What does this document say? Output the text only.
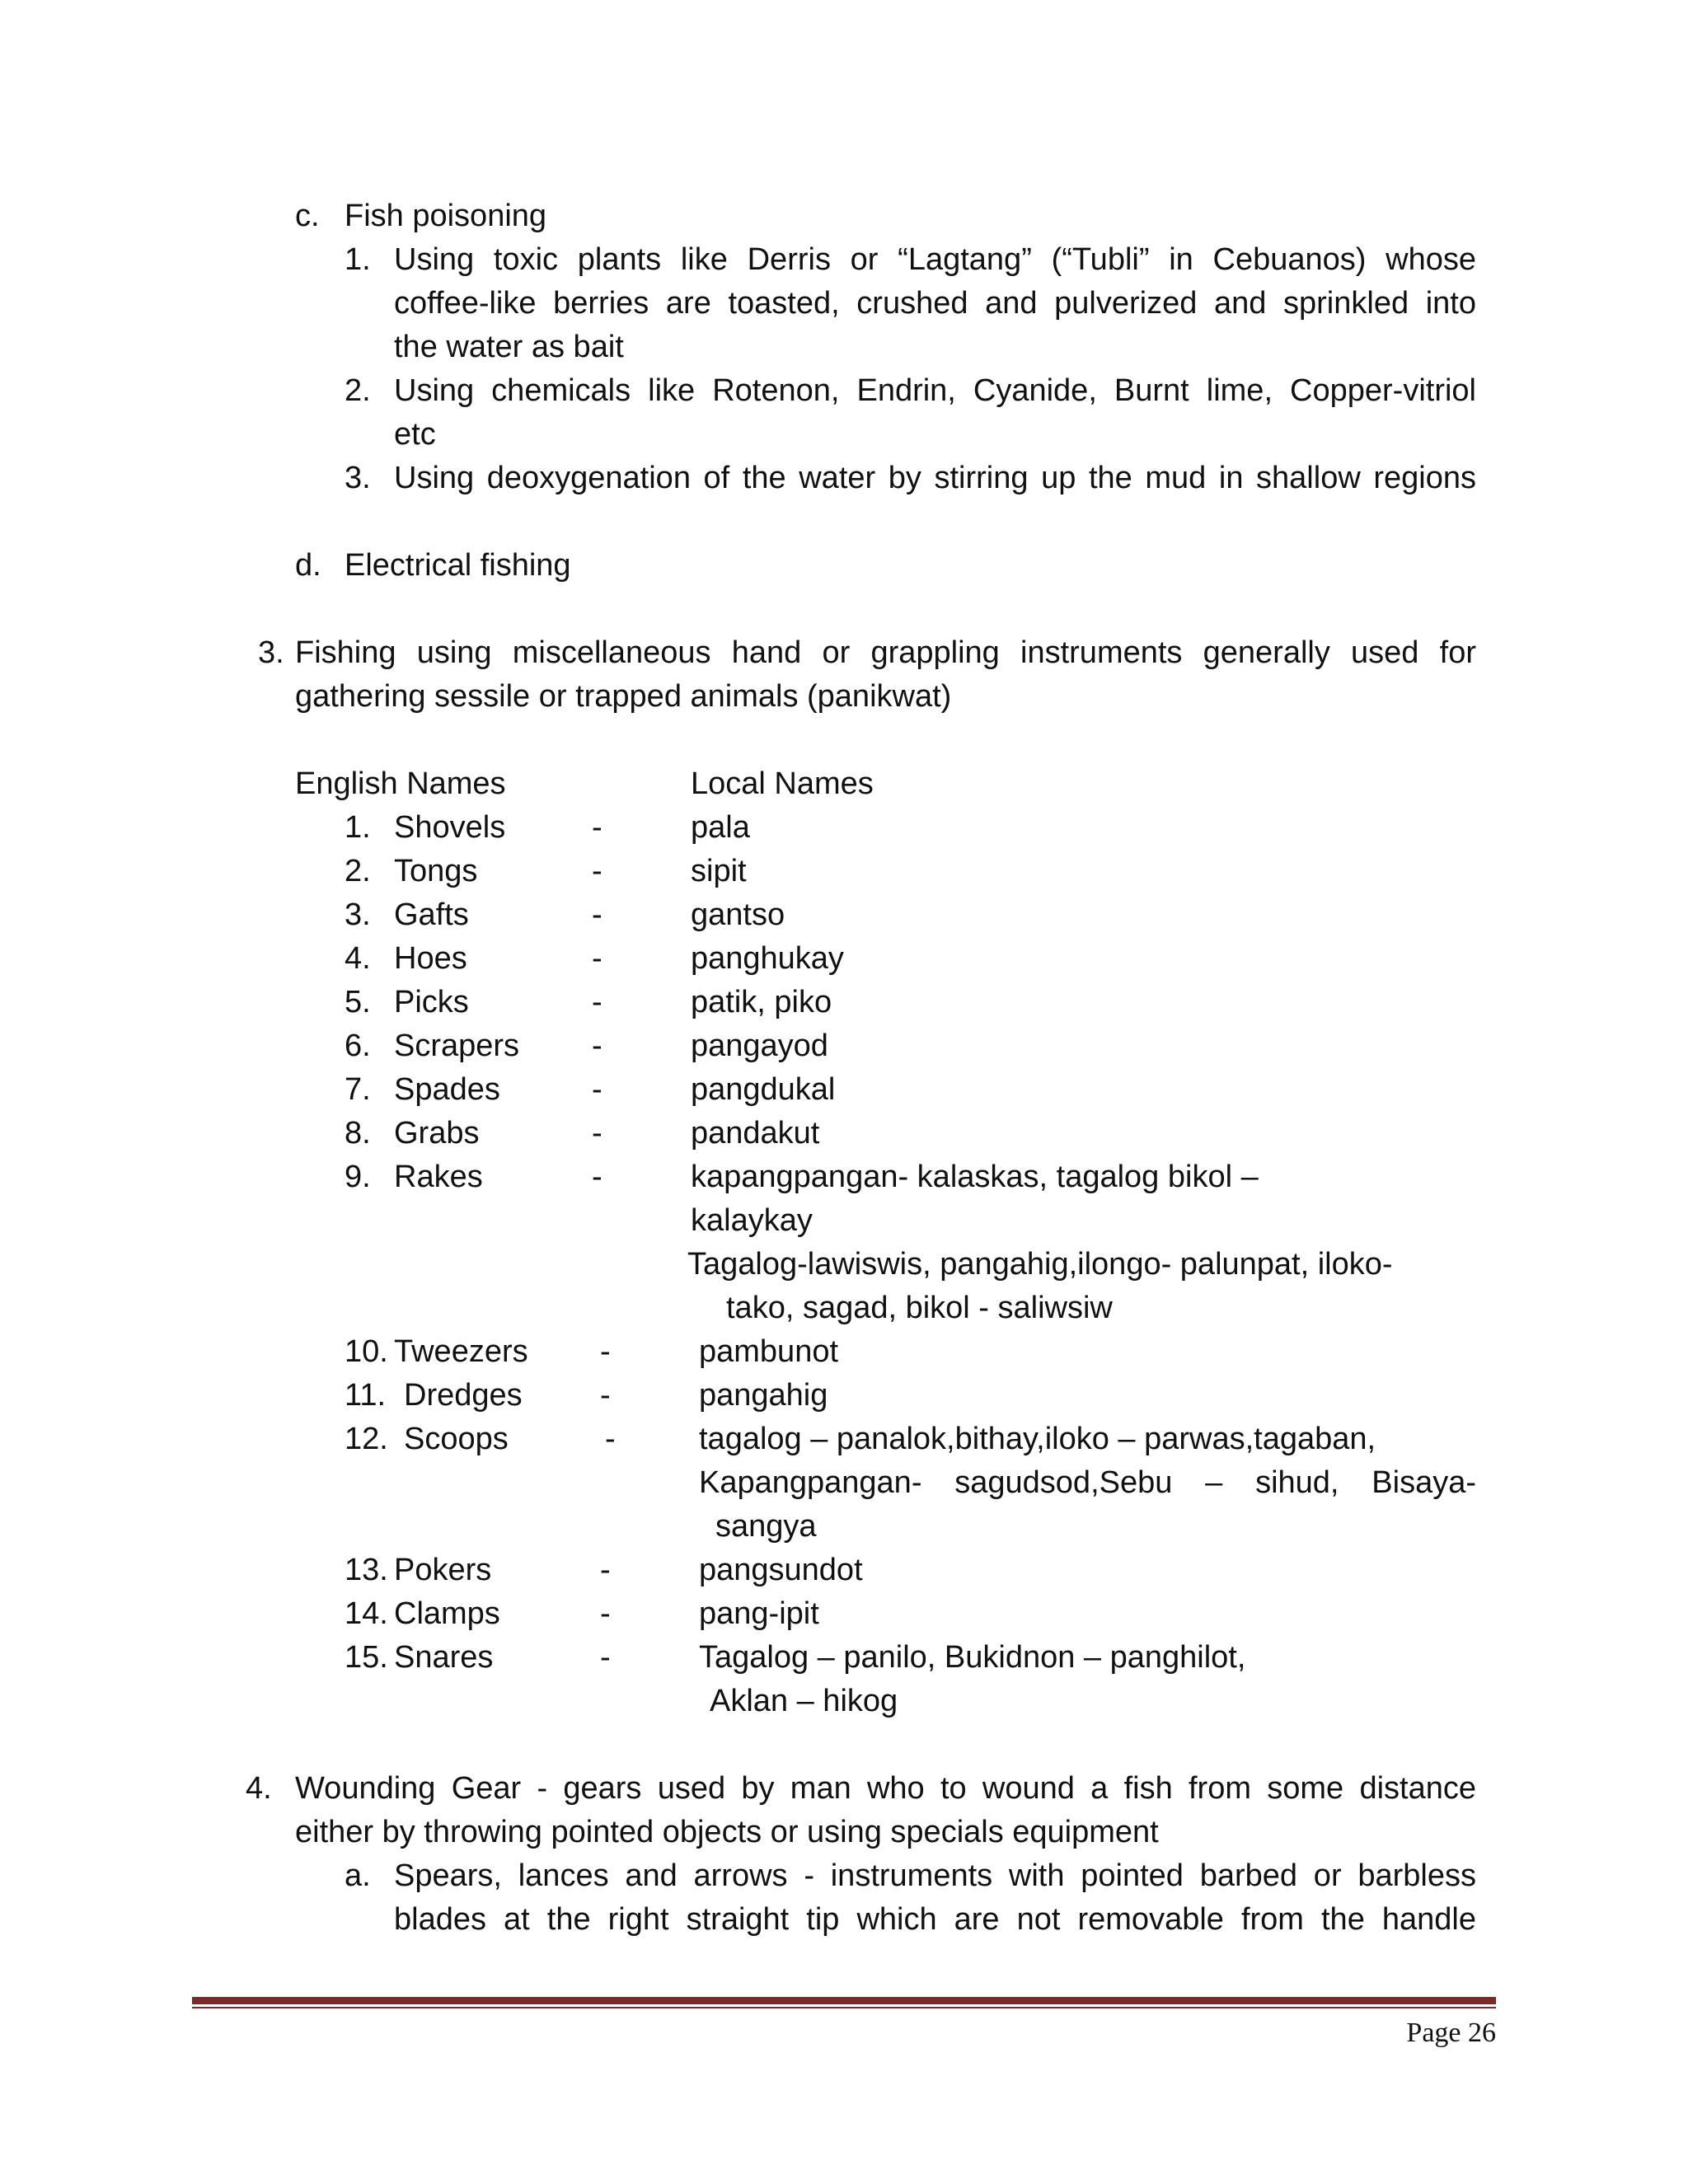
c. Fish poisoning
1. Using toxic plants like Derris or “Lagtang” (“Tubli” in Cebuanos) whose
coffee-like berries are toasted, crushed and pulverized and sprinkled into
the water as bait
2. Using chemicals like Rotenon, Endrin, Cyanide, Burnt lime, Copper-vitriol
etc
3. Using deoxygenation of the water by stirring up the mud in shallow regions
d. Electrical fishing
3. Fishing using miscellaneous hand or grappling instruments generally used for
gathering sessile or trapped animals (panikwat)
English Names	Local Names
1. Shovels	-	pala
2. Tongs	-	sipit
3. Gafts	-	gantso
4. Hoes	-	panghukay
5. Picks	-	patik, piko
6. Scrapers -	pangayod
7. Spades	-	pangdukal
8. Grabs	-	pandakut
9. Rakes	-	kapangpangan- kalaskas, tagalog bikol –
kalaykay
Tagalog-lawiswis, pangahig,ilongo- palunpat, iloko-
tako, sagad, bikol - saliwsiw
10. Tweezers -	pambunot
11. Dredges -	pangahig
12. Scoops	-	tagalog – panalok,bithay,iloko – parwas,tagaban,
Kapangpangan- sagudsod,Sebu – sihud, Bisaya-
sangya
13. Pokers	-	pangsundot
14. Clamps	-	pang-ipit
15. Snares	-	Tagalog – panilo, Bukidnon – panghilot,
Aklan – hikog
4. Wounding Gear - gears used by man who to wound a fish from some distance
either by throwing pointed objects or using specials equipment
a. Spears, lances and arrows - instruments with pointed barbed or barbless
blades at the right straight tip which are not removable from the handle
Page 26
